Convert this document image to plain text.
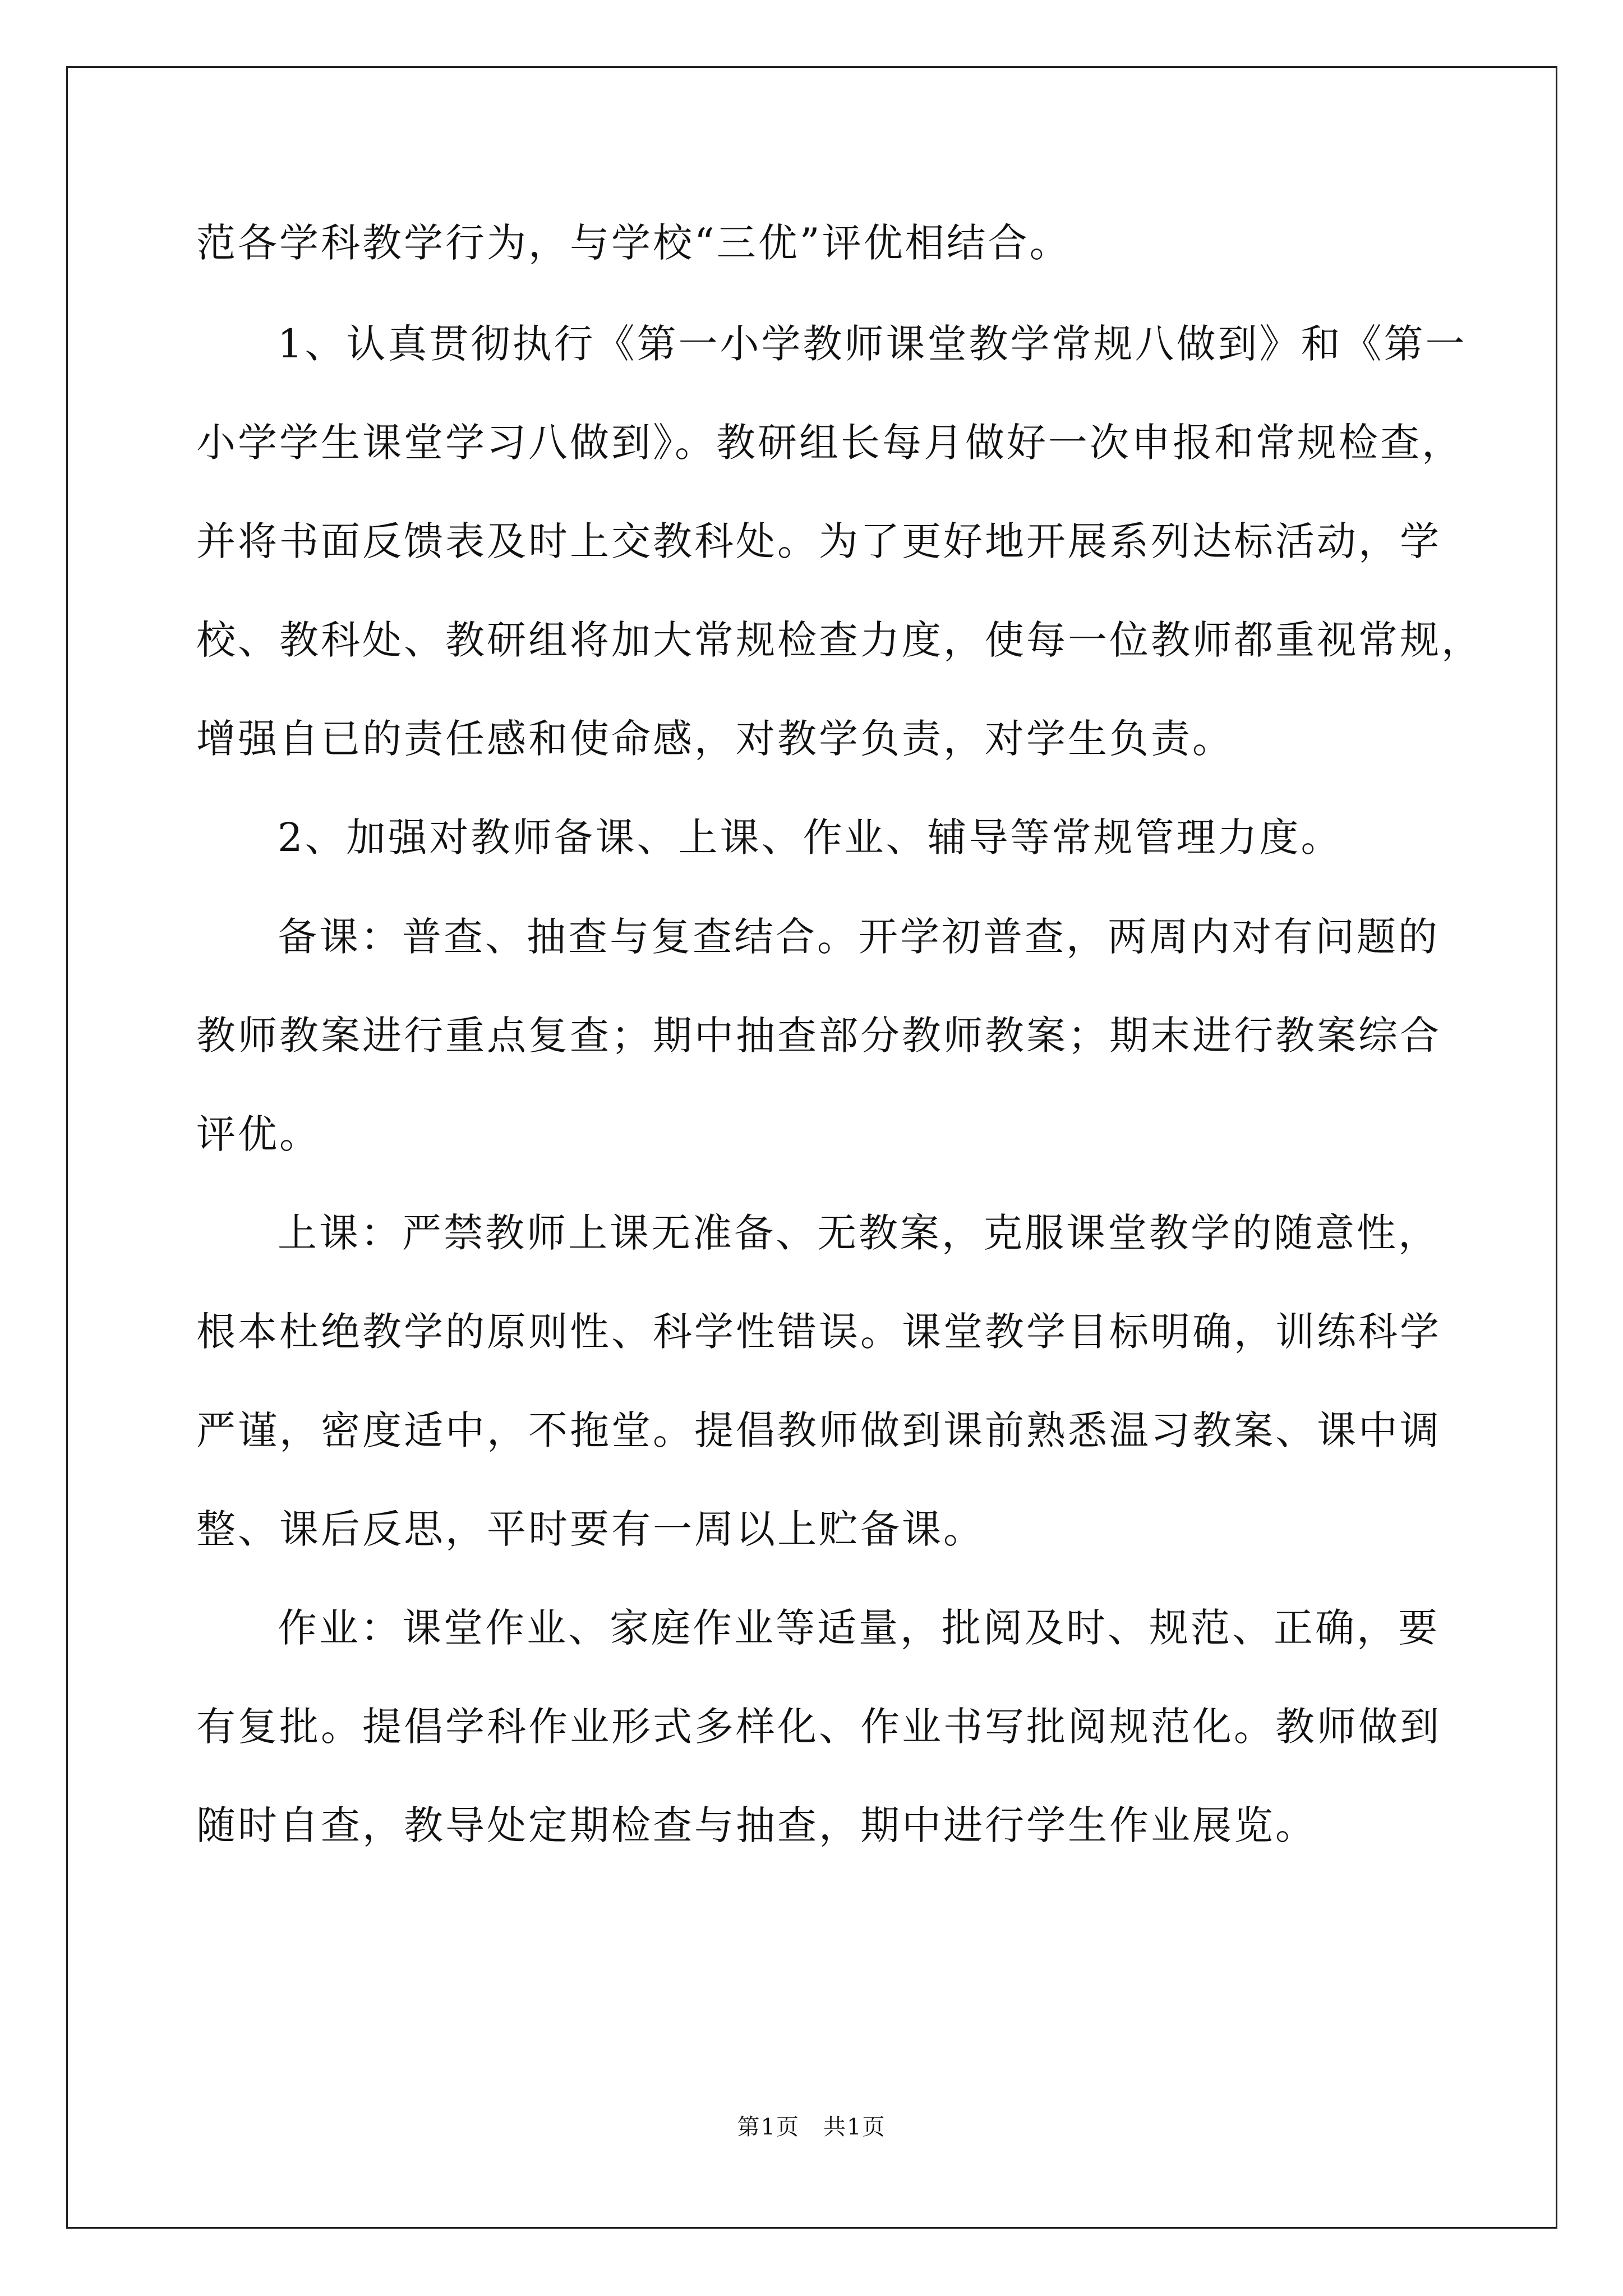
范各学科教学行为，与学校“三优”评优相结合。
1、认真贯彻执行《第一小学教师课堂教学常规八做到》和《第一
小学学生课堂学习八做到》。教研组长每月做好一次申报和常规检查，
并将书面反馈表及时上交教科处。为了更好地开展系列达标活动，学
校、教科处、教研组将加大常规检查力度，使每一位教师都重视常规，
增强自已的责任感和使命感，对教学负责，对学生负责。
2、加强对教师备课、上课、作业、辅导等常规管理力度。
备课：普查、抽查与复查结合。开学初普查，两周内对有问题的
教师教案进行重点复查；期中抽查部分教师教案；期末进行教案综合
评优。
上课：严禁教师上课无准备、无教案，克服课堂教学的随意性，
根本杜绝教学的原则性、科学性错误。课堂教学目标明确，训练科学
严谨，密度适中，不拖堂。提倡教师做到课前熟悉温习教案、课中调
整、课后反思，平时要有一周以上贮备课。
作业：课堂作业、家庭作业等适量，批阅及时、规范、正确，要
有复批。提倡学科作业形式多样化、作业书写批阅规范化。教师做到
随时自查，教导处定期检查与抽查，期中进行学生作业展览。
第1页　共1页
